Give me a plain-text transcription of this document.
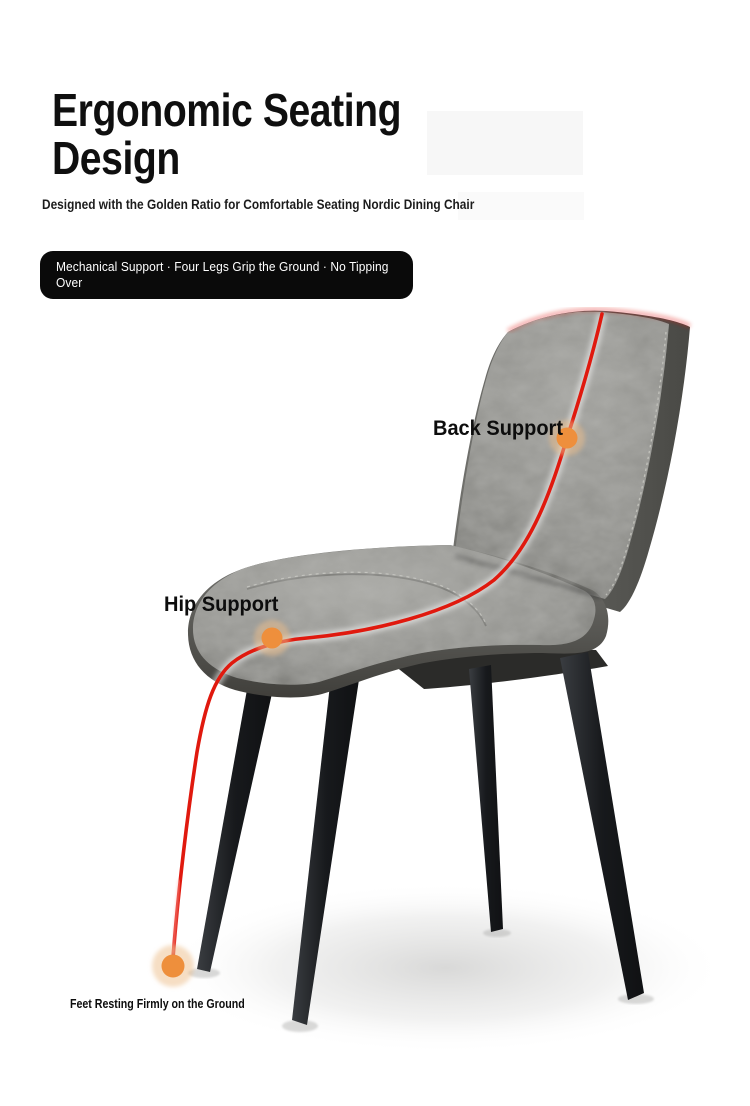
Ergonomic Seating
Design
Designed with the Golden Ratio for Comfortable Seating Nordic Dining Chair
Mechanical Support · Four Legs Grip the Ground · No Tipping Over
Back Support
Hip Support
Feet Resting Firmly on the Ground
